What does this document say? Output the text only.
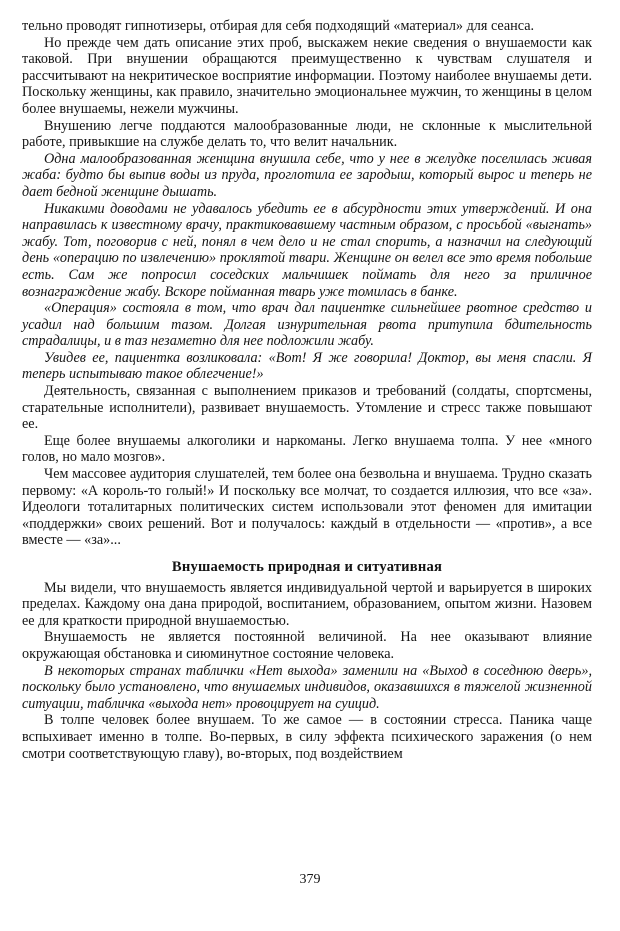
тельно проводят гипнотизеры, отбирая для себя подходящий «материал» для сеанса.

Но прежде чем дать описание этих проб, выскажем некие сведения о внушаемости как таковой. При внушении обращаются преимущественно к чувствам слушателя и рассчитывают на некритическое восприятие информации. Поэтому наиболее внушаемы дети. Поскольку женщины, как правило, значительно эмоциональнее мужчин, то женщины в целом более внушаемы, нежели мужчины.

Внушению легче поддаются малообразованные люди, не склонные к мыслительной работе, привыкшие на службе делать то, что велит начальник.

Одна малообразованная женщина внушила себе, что у нее в желудке поселилась живая жаба: будто бы выпив воды из пруда, проглотила ее зародыш, который вырос и теперь не дает бедной женщине дышать.

Никакими доводами не удавалось убедить ее в абсурдности этих утверждений. И она направилась к известному врачу, практиковавшему частным образом, с просьбой «выгнать» жабу. Тот, поговорив с ней, понял в чем дело и не стал спорить, а назначил на следующий день «операцию по извлечению» проклятой твари. Женщине он велел все это время побольше есть. Сам же попросил соседских мальчишек поймать для него за приличное вознаграждение жабу. Вскоре пойманная тварь уже томилась в банке.

«Операция» состояла в том, что врач дал пациентке сильнейшее рвотное средство и усадил над большим тазом. Долгая изнурительная рвота притупила бдительность страдалицы, и в таз незаметно для нее подложили жабу.

Увидев ее, пациентка возликовала: «Вот! Я же говорила! Доктор, вы меня спасли. Я теперь испытываю такое облегчение!»

Деятельность, связанная с выполнением приказов и требований (солдаты, спортсмены, старательные исполнители), развивает внушаемость. Утомление и стресс также повышают ее.

Еще более внушаемы алкоголики и наркоманы. Легко внушаема толпа. У нее «много голов, но мало мозгов».

Чем массовее аудитория слушателей, тем более она безвольна и внушаема. Трудно сказать первому: «А король-то голый!» И поскольку все молчат, то создается иллюзия, что все «за». Идеологи тоталитарных политических систем использовали этот феномен для имитации «поддержки» своих решений. Вот и получалось: каждый в отдельности — «против», а все вместе — «за»...

Внушаемость природная и ситуативная

Мы видели, что внушаемость является индивидуальной чертой и варьируется в широких пределах. Каждому она дана природой, воспитанием, образованием, опытом жизни. Назовем ее для краткости природной внушаемостью.

Внушаемость не является постоянной величиной. На нее оказывают влияние окружающая обстановка и сиюминутное состояние человека.

В некоторых странах таблички «Нет выхода» заменили на «Выход в соседнюю дверь», поскольку было установлено, что внушаемых индивидов, оказавшихся в тяжелой жизненной ситуации, табличка «выхода нет» провоцирует на суицид.

В толпе человек более внушаем. То же самое — в состоянии стресса. Паника чаще вспыхивает именно в толпе. Во-первых, в силу эффекта психического заражения (о нем смотри соответствующую главу), во-вторых, под воздействием

379
